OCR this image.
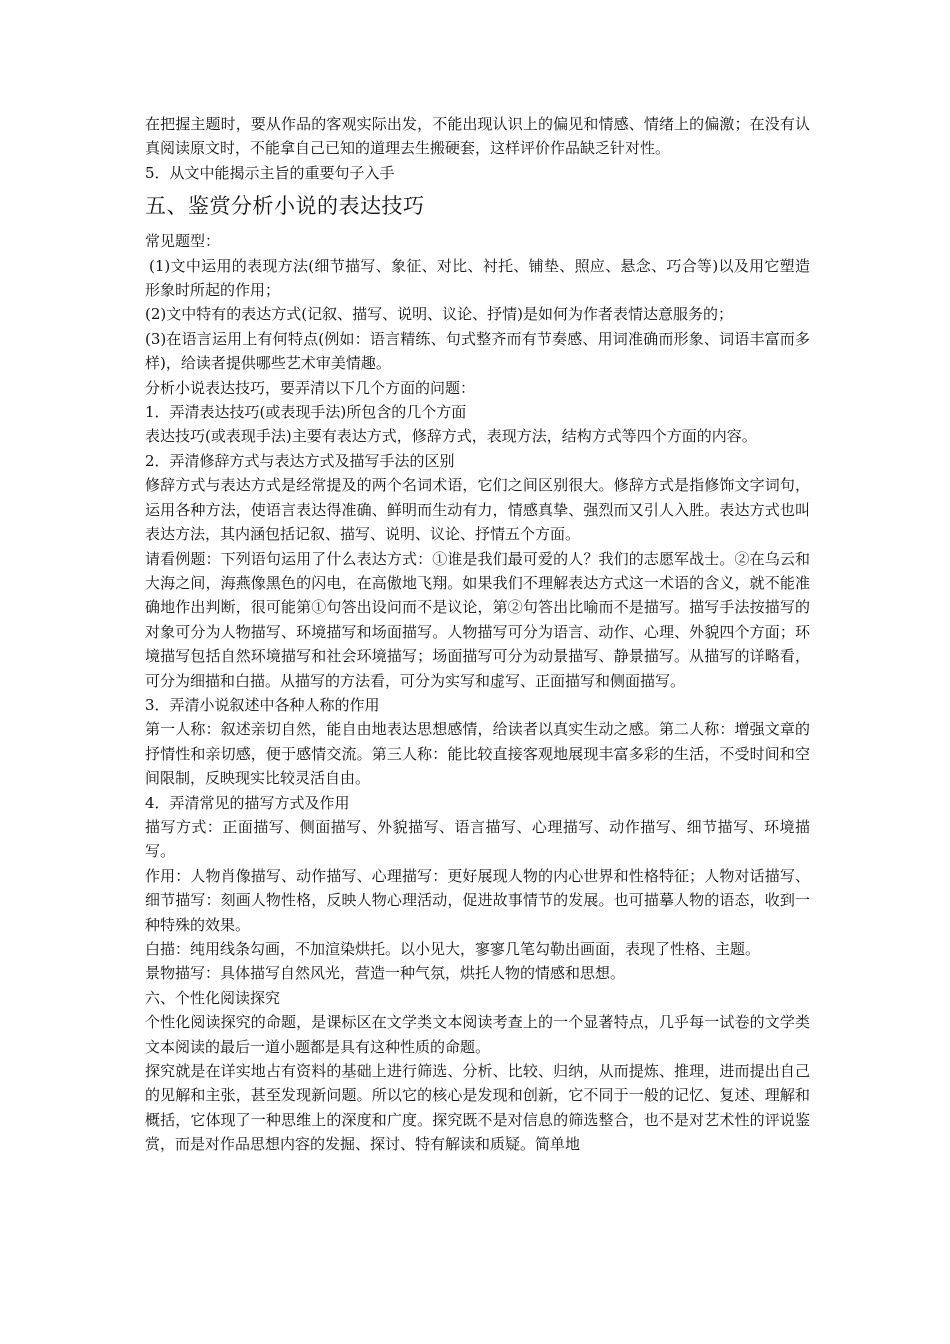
在把握主题时，要从作品的客观实际出发，不能出现认识上的偏见和情感、情绪上的偏激；在没有认真阅读原文时，不能拿自己已知的道理去生搬硬套，这样评价作品缺乏针对性。

5．从文中能揭示主旨的重要句子入手

五、鉴赏分析小说的表达技巧

常见题型：

(1)文中运用的表现方法(细节描写、象征、对比、衬托、铺垫、照应、悬念、巧合等)以及用它塑造形象时所起的作用；

(2)文中特有的表达方式(记叙、描写、说明、议论、抒情)是如何为作者表情达意服务的；

(3)在语言运用上有何特点(例如：语言精练、句式整齐而有节奏感、用词准确而形象、词语丰富而多样)，给读者提供哪些艺术审美情趣。

分析小说表达技巧，要弄清以下几个方面的问题：

1．弄清表达技巧(或表现手法)所包含的几个方面

表达技巧(或表现手法)主要有表达方式，修辞方式，表现方法，结构方式等四个方面的内容。

2．弄清修辞方式与表达方式及描写手法的区别

修辞方式与表达方式是经常提及的两个名词术语，它们之间区别很大。修辞方式是指修饰文字词句，运用各种方法，使语言表达得准确、鲜明而生动有力，情感真挚、强烈而又引人入胜。表达方式也叫表达方法，其内涵包括记叙、描写、说明、议论、抒情五个方面。

请看例题：下列语句运用了什么表达方式：①谁是我们最可爱的人？我们的志愿军战士。②在乌云和大海之间，海燕像黑色的闪电，在高傲地飞翔。如果我们不理解表达方式这一术语的含义，就不能准确地作出判断，很可能第①句答出设问而不是议论，第②句答出比喻而不是描写。描写手法按描写的对象可分为人物描写、环境描写和场面描写。人物描写可分为语言、动作、心理、外貌四个方面；环境描写包括自然环境描写和社会环境描写；场面描写可分为动景描写、静景描写。从描写的详略看，可分为细描和白描。从描写的方法看，可分为实写和虚写、正面描写和侧面描写。

3．弄清小说叙述中各种人称的作用

第一人称：叙述亲切自然，能自由地表达思想感情，给读者以真实生动之感。第二人称：增强文章的抒情性和亲切感，便于感情交流。第三人称：能比较直接客观地展现丰富多彩的生活，不受时间和空间限制，反映现实比较灵活自由。

4．弄清常见的描写方式及作用

描写方式：正面描写、侧面描写、外貌描写、语言描写、心理描写、动作描写、细节描写、环境描写。

作用：人物肖像描写、动作描写、心理描写：更好展现人物的内心世界和性格特征；人物对话描写、细节描写：刻画人物性格，反映人物心理活动，促进故事情节的发展。也可描摹人物的语态，收到一种特殊的效果。

白描：纯用线条勾画，不加渲染烘托。以小见大，寥寥几笔勾勒出画面，表现了性格、主题。

景物描写：具体描写自然风光，营造一种气氛，烘托人物的情感和思想。

六、个性化阅读探究

个性化阅读探究的命题，是课标区在文学类文本阅读考查上的一个显著特点，几乎每一试卷的文学类文本阅读的最后一道小题都是具有这种性质的命题。

探究就是在详实地占有资料的基础上进行筛选、分析、比较、归纳，从而提炼、推理，进而提出自己的见解和主张，甚至发现新问题。所以它的核心是发现和创新，它不同于一般的记忆、复述、理解和概括，它体现了一种思维上的深度和广度。探究既不是对信息的筛选整合，也不是对艺术性的评说鉴赏，而是对作品思想内容的发掘、探讨、特有解读和质疑。简单地
